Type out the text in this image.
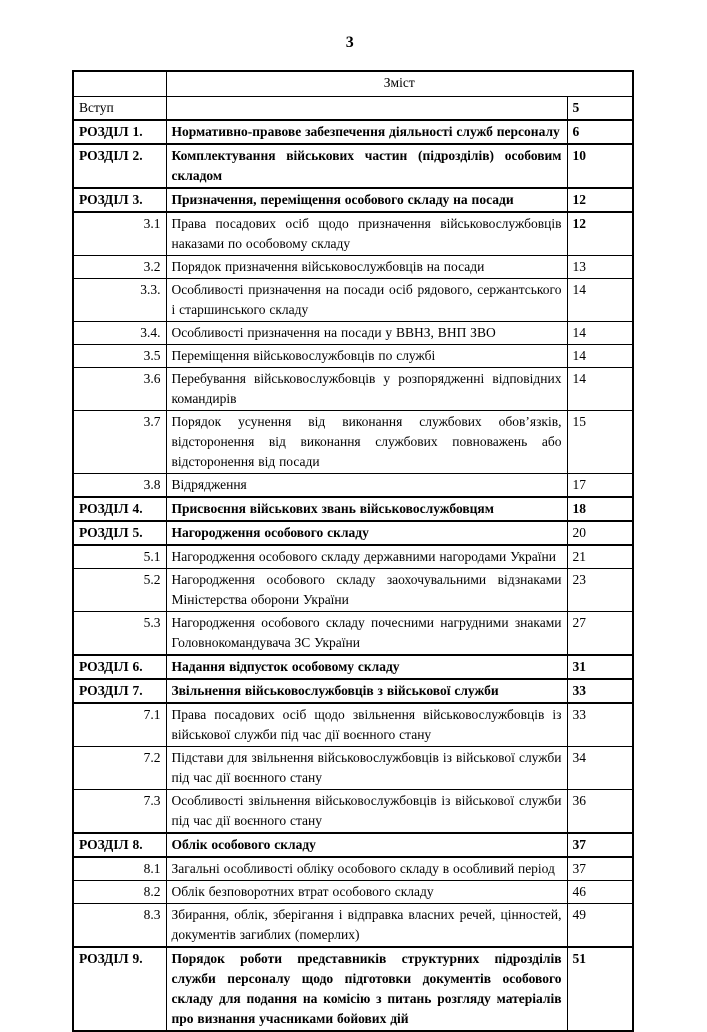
3
	Зміст	
Вступ		5
РОЗДІЛ 1.	Нормативно-правове забезпечення діяльності служб персоналу	6
РОЗДІЛ 2.	Комплектування військових частин (підрозділів) особовим складом	10
РОЗДІЛ 3.	Призначення, переміщення особового складу на посади	12
3.1	Права посадових осіб щодо призначення військовослужбовців наказами по особовому складу	12
3.2	Порядок призначення військовослужбовців на посади	13
3.3.	Особливості призначення на посади осіб рядового, сержантського і старшинського складу	14
3.4.	Особливості призначення на посади у ВВНЗ, ВНП ЗВО	14
3.5	Переміщення військовослужбовців по службі	14
3.6	Перебування військовослужбовців у розпорядженні відповідних командирів	14
3.7	Порядок усунення від виконання службових обов’язків, відсторонення від виконання службових повноважень або відсторонення від посади	15
3.8	Відрядження	17
РОЗДІЛ 4.	Присвоєння військових звань військовослужбовцям	18
РОЗДІЛ 5.	Нагородження особового складу	20
5.1	Нагородження особового складу державними нагородами України	21
5.2	Нагородження особового складу заохочувальними відзнаками Міністерства оборони України	23
5.3	Нагородження особового складу почесними нагрудними знаками Головнокомандувача ЗС України	27
РОЗДІЛ 6.	Надання відпусток особовому складу	31
РОЗДІЛ 7.	Звільнення військовослужбовців з військової служби	33
7.1	Права посадових осіб щодо звільнення військовослужбовців із військової служби під час дії воєнного стану	33
7.2	Підстави для звільнення військовослужбовців із військової служби під час дії воєнного стану	34
7.3	Особливості звільнення військовослужбовців із військової служби під час дії воєнного стану	36
РОЗДІЛ 8.	Облік особового складу	37
8.1	Загальні особливості обліку особового складу в особливий період	37
8.2	Облік безповоротних втрат особового складу	46
8.3	Збирання, облік, зберігання і відправка власних речей, цінностей, документів загиблих (померлих)	49
РОЗДІЛ 9.	Порядок роботи представників структурних підрозділів служби персоналу щодо підготовки документів особового складу для подання на комісію з питань розгляду матеріалів про визнання учасниками бойових дій	51
